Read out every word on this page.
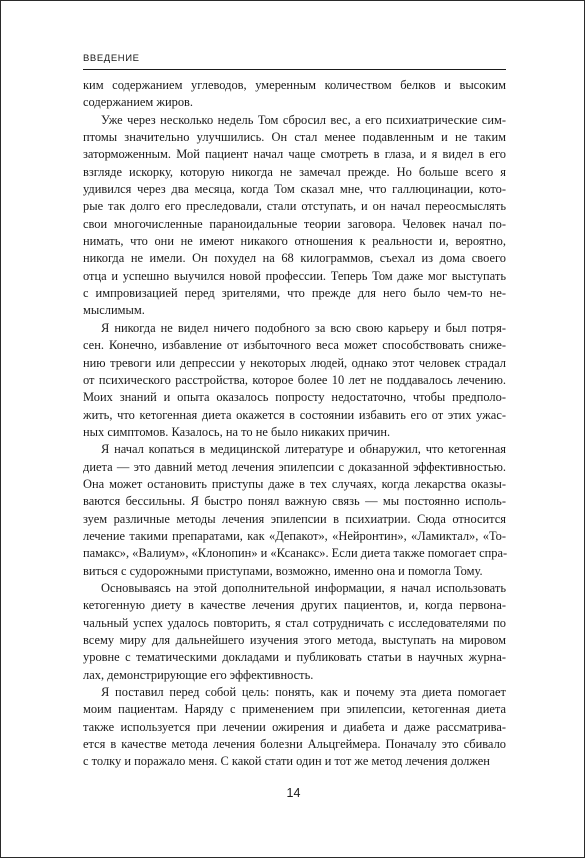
ВВЕДЕНИЕ

ким содержанием углеводов, умеренным количеством белков и высоким
содержанием жиров.

Уже через несколько недель Том сбросил вес, а его психиатрические сим-
птомы значительно улучшились. Он стал менее подавленным и не таким
заторможенным. Мой пациент начал чаще смотреть в глаза, и я видел в его
взгляде искорку, которую никогда не замечал прежде. Но больше всего я
удивился через два месяца, когда Том сказал мне, что галлюцинации, кото-
рые так долго его преследовали, стали отступать, и он начал переосмыслять
свои многочисленные параноидальные теории заговора. Человек начал по-
нимать, что они не имеют никакого отношения к реальности и, вероятно,
никогда не имели. Он похудел на 68 килограммов, съехал из дома своего
отца и успешно выучился новой профессии. Теперь Том даже мог выступать
с импровизацией перед зрителями, что прежде для него было чем-то не-
мыслимым.

Я никогда не видел ничего подобного за всю свою карьеру и был потря-
сен. Конечно, избавление от избыточного веса может способствовать сниже-
нию тревоги или депрессии у некоторых людей, однако этот человек страдал
от психического расстройства, которое более 10 лет не поддавалось лечению.
Моих знаний и опыта оказалось попросту недостаточно, чтобы предполо-
жить, что кетогенная диета окажется в состоянии избавить его от этих ужас-
ных симптомов. Казалось, на то не было никаких причин.

Я начал копаться в медицинской литературе и обнаружил, что кетогенная
диета — это давний метод лечения эпилепсии с доказанной эффективностью.
Она может остановить приступы даже в тех случаях, когда лекарства оказы-
ваются бессильны. Я быстро понял важную связь — мы постоянно исполь-
зуем различные методы лечения эпилепсии в психиатрии. Сюда относится
лечение такими препаратами, как «Депакот», «Нейронтин», «Ламиктал», «То-
памакс», «Валиум», «Клонопин» и «Ксанакс». Если диета также помогает спра-
виться с судорожными приступами, возможно, именно она и помогла Тому.

Основываясь на этой дополнительной информации, я начал использовать
кетогенную диету в качестве лечения других пациентов, и, когда первона-
чальный успех удалось повторить, я стал сотрудничать с исследователями по
всему миру для дальнейшего изучения этого метода, выступать на мировом
уровне с тематическими докладами и публиковать статьи в научных журна-
лах, демонстрирующие его эффективность.

Я поставил перед собой цель: понять, как и почему эта диета помогает
моим пациентам. Наряду с применением при эпилепсии, кетогенная диета
также используется при лечении ожирения и диабета и даже рассматрива-
ется в качестве метода лечения болезни Альцгеймера. Поначалу это сбивало
с толку и поражало меня. С какой стати один и тот же метод лечения должен

14
